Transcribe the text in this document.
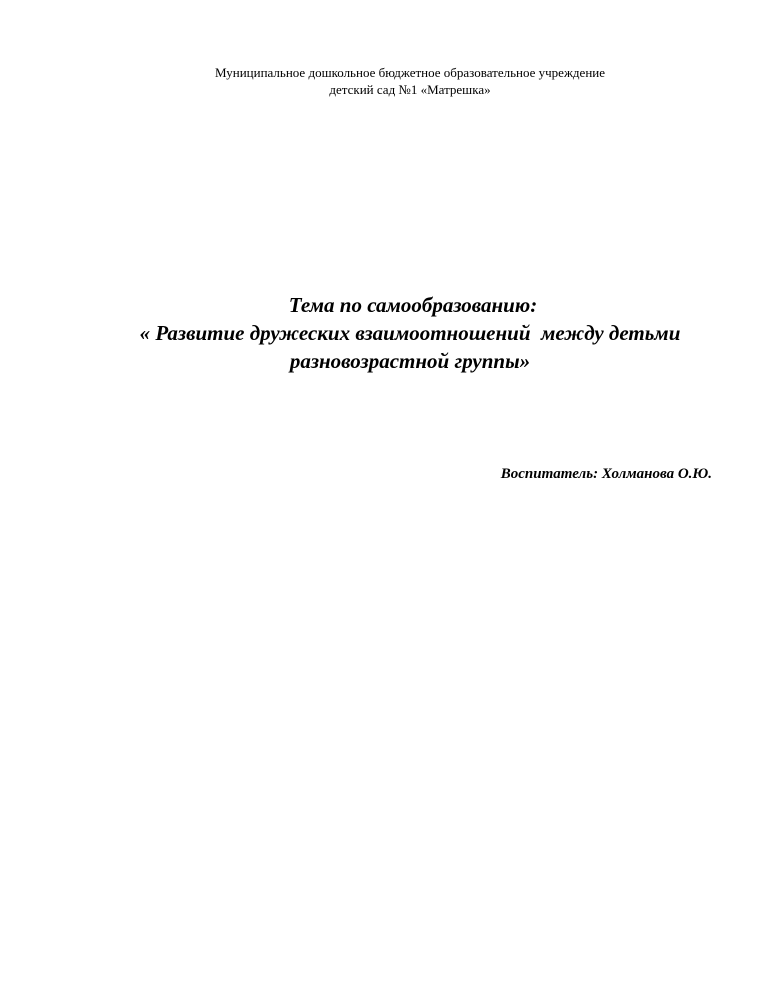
Муниципальное дошкольное бюджетное образовательное учреждение
детский сад №1 «Матрешка»
Тема по самообразованию:
« Развитие дружеских взаимоотношений  между детьми
разновозрастной группы»
Воспитатель: Холманова О.Ю.
